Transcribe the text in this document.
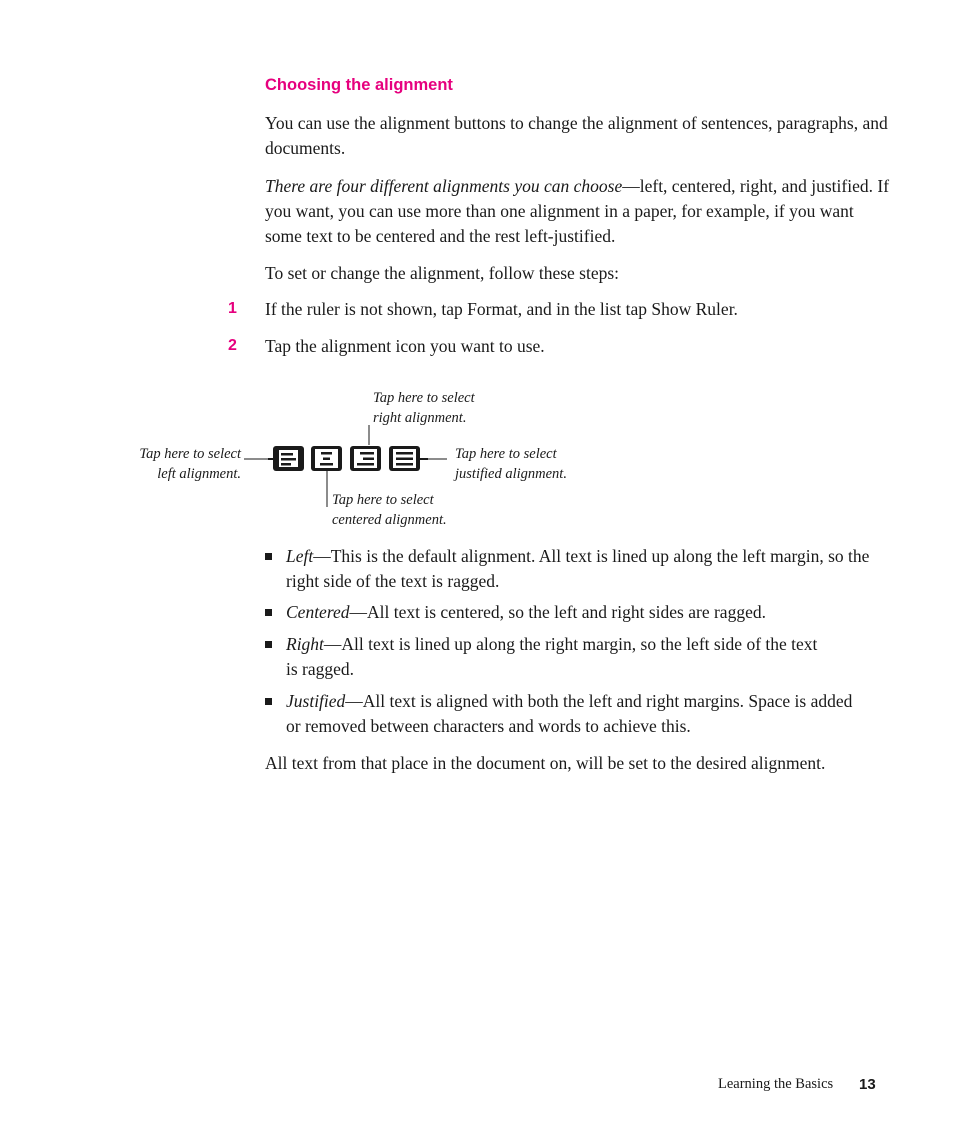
Choosing the alignment
You can use the alignment buttons to change the alignment of sentences, paragraphs, and documents.
There are four different alignments you can choose—left, centered, right, and justified. If you want, you can use more than one alignment in a paper, for example, if you want some text to be centered and the rest left-justified.
To set or change the alignment, follow these steps:
1 If the ruler is not shown, tap Format, and in the list tap Show Ruler.
2 Tap the alignment icon you want to use.
Tap here to select
left alignment.
Tap here to select
right alignment.
Tap here to select
centered alignment.
Tap here to select
justified alignment.
Left—This is the default alignment. All text is lined up along the left margin, so the right side of the text is ragged.
Centered—All text is centered, so the left and right sides are ragged.
Right—All text is lined up along the right margin, so the left side of the text is ragged.
Justified—All text is aligned with both the left and right margins. Space is added or removed between characters and words to achieve this.
All text from that place in the document on, will be set to the desired alignment.
Learning the Basics 13
